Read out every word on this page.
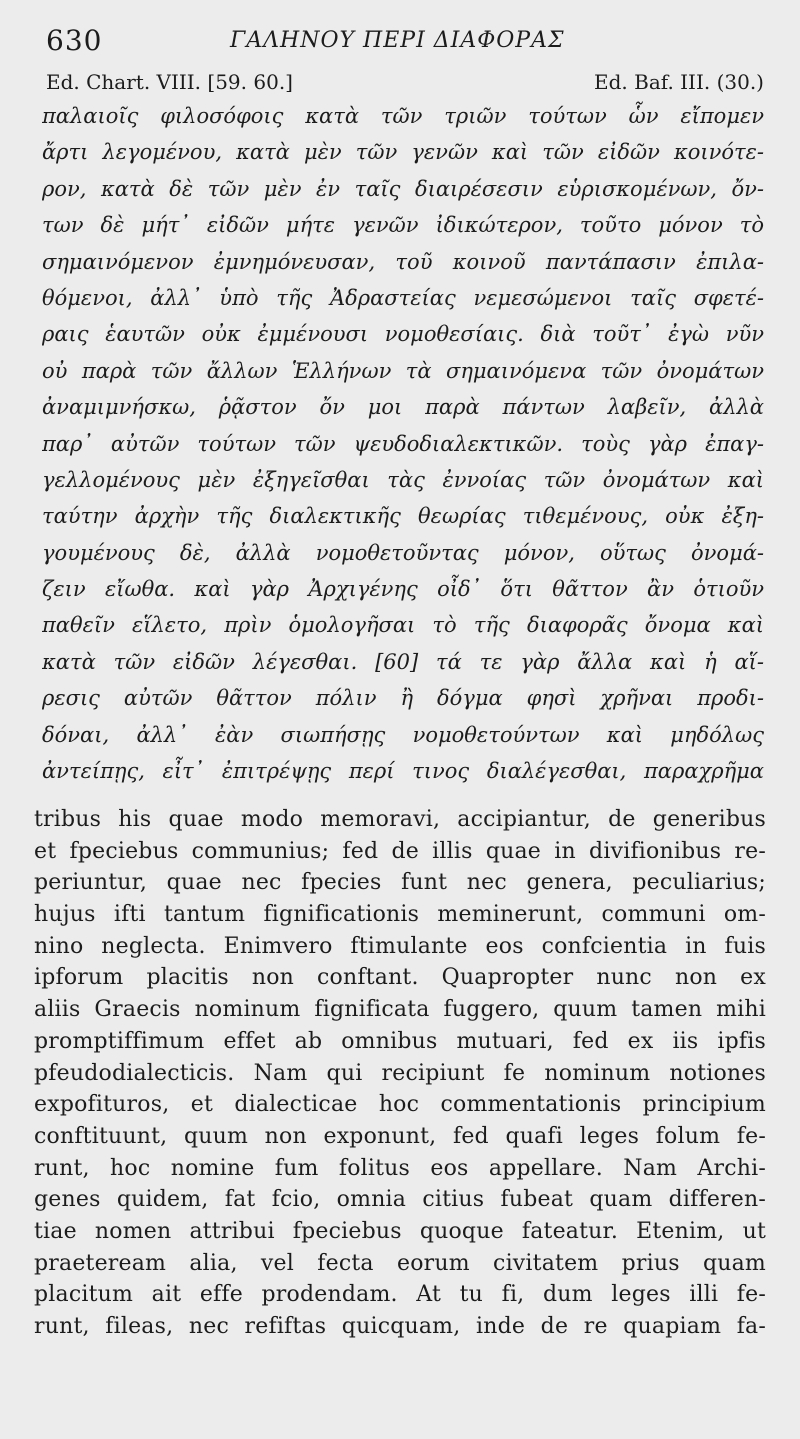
630	ΓΑΛΗΝΟΥ ΠΕΡΙ ΔΙΑΦΟΡΑΣ
Ed. Chart. VIII. [59. 60.]	Ed. Baf. III. (30.)
παλαιοῖς φιλοσόφοις κατὰ τῶν τριῶν τούτων ὧν εἴπομεν
ἄρτι λεγομένου, κατὰ μὲν τῶν γενῶν καὶ τῶν εἰδῶν κοινότε-
ρον, κατὰ δὲ τῶν μὲν ἐν ταῖς διαιρέσεσιν εὑρισκομένων, ὄν-
των δὲ μήτ᾽ εἰδῶν μήτε γενῶν ἰδικώτερον, τοῦτο μόνον τὸ
σημαινόμενον ἐμνημόνευσαν, τοῦ κοινοῦ παντάπασιν ἐπιλα-
θόμενοι, ἀλλ᾽ ὑπὸ τῆς Ἀδραστείας νεμεσώμενοι ταῖς σφετέ-
ραις ἑαυτῶν οὐκ ἐμμένουσι νομοθεσίαις. διὰ τοῦτ᾽ ἐγὼ νῦν
οὐ παρὰ τῶν ἄλλων Ἑλλήνων τὰ σημαινόμενα τῶν ὀνομάτων
ἀναμιμνήσκω, ῥᾷστον ὄν μοι παρὰ πάντων λαβεῖν, ἀλλὰ
παρ᾽ αὐτῶν τούτων τῶν ψευδοδιαλεκτικῶν. τοὺς γὰρ ἐπαγ-
γελλομένους μὲν ἐξηγεῖσθαι τὰς ἐννοίας τῶν ὀνομάτων καὶ
ταύτην ἀρχὴν τῆς διαλεκτικῆς θεωρίας τιθεμένους, οὐκ ἐξη-
γουμένους δὲ, ἀλλὰ νομοθετοῦντας μόνον, οὕτως ὀνομά-
ζειν εἴωθα. καὶ γὰρ Ἀρχιγένης οἶδ᾽ ὅτι θᾶττον ἂν ὁτιοῦν
παθεῖν εἵλετο, πρὶν ὁμολογῆσαι τὸ τῆς διαφορᾶς ὄνομα καὶ
κατὰ τῶν εἰδῶν λέγεσθαι. [60] τά τε γὰρ ἄλλα καὶ ἡ αἵ-
ρεσις αὐτῶν θᾶττον πόλιν ἢ δόγμα φησὶ χρῆναι προδι-
δόναι, ἀλλ᾽ ἐὰν σιωπήσῃς νομοθετούντων καὶ μηδόλως
ἀντείπῃς, εἶτ᾽ ἐπιτρέψῃς περί τινος διαλέγεσθαι, παραχρῆμα
tribus his quae modo memoravi, accipiantur, de generibus
et fpeciebus communius; fed de illis quae in divifionibus re-
periuntur, quae nec fpecies funt nec genera, peculiarius;
hujus ifti tantum fignificationis meminerunt, communi om-
nino neglecta. Enimvero ftimulante eos confcientia in fuis
ipforum placitis non conftant. Quapropter nunc non ex
aliis Graecis nominum fignificata fuggero, quum tamen mihi
promptiffimum effet ab omnibus mutuari, fed ex iis ipfis
pfeudodialecticis. Nam qui recipiunt fe nominum notiones
expofituros, et dialecticae hoc commentationis principium
conftituunt, quum non exponunt, fed quafi leges folum fe-
runt, hoc nomine fum folitus eos appellare. Nam Archi-
genes quidem, fat fcio, omnia citius fubeat quam differen-
tiae nomen attribui fpeciebus quoque fateatur. Etenim, ut
praeteream alia, vel fecta eorum civitatem prius quam
placitum ait effe prodendam. At tu fi, dum leges illi fe-
runt, fileas, nec refiftas quicquam, inde de re quapiam fa-
